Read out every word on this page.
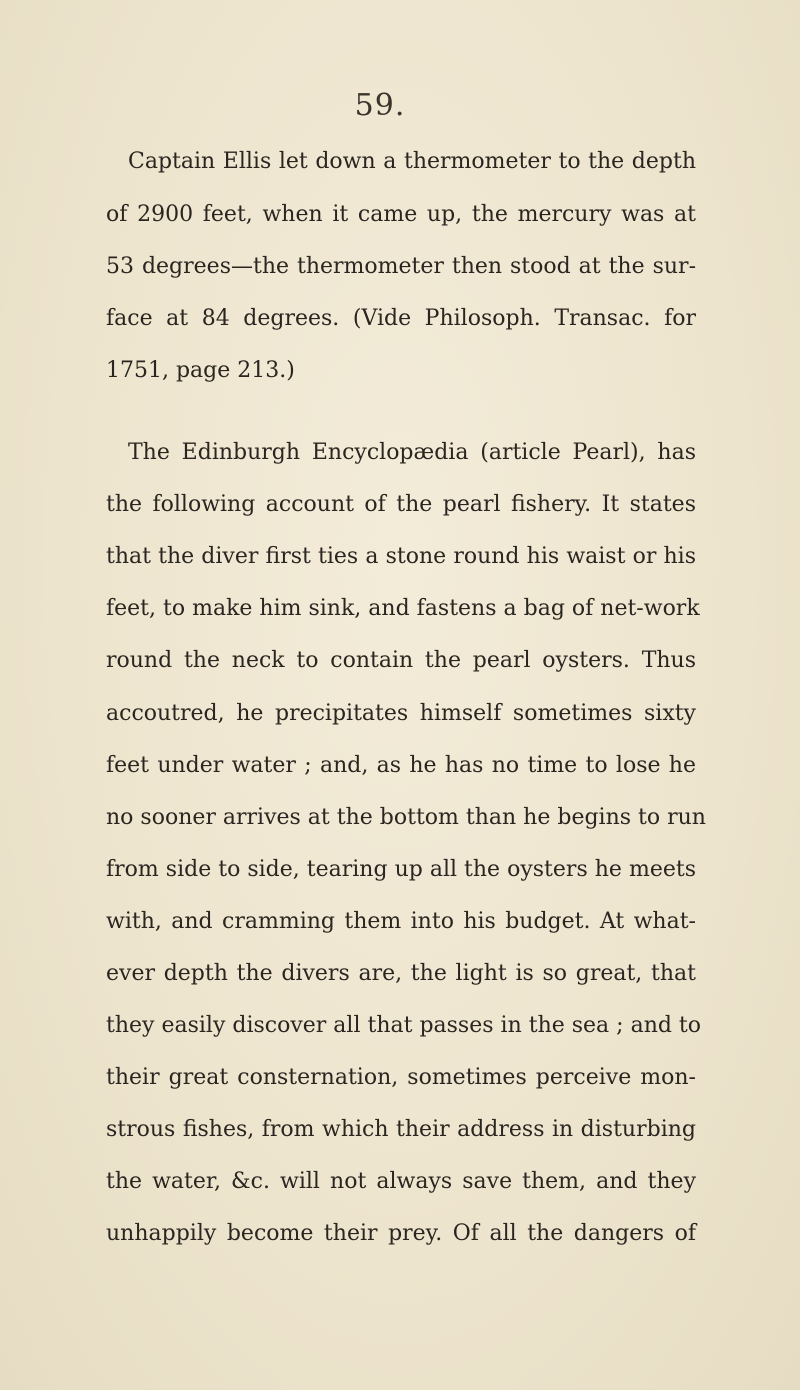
59.
Captain Ellis let down a thermometer to the depth
of 2900 feet, when it came up, the mercury was at
53 degrees—the thermometer then stood at the sur-
face at 84 degrees. (Vide Philosoph. Transac. for
1751, page 213.)
The Edinburgh Encyclopædia (article Pearl), has
the following account of the pearl fishery. It states
that the diver first ties a stone round his waist or his
feet, to make him sink, and fastens a bag of net-work
round the neck to contain the pearl oysters. Thus
accoutred, he precipitates himself sometimes sixty
feet under water ; and, as he has no time to lose he
no sooner arrives at the bottom than he begins to run
from side to side, tearing up all the oysters he meets
with, and cramming them into his budget. At what-
ever depth the divers are, the light is so great, that
they easily discover all that passes in the sea ; and to
their great consternation, sometimes perceive mon-
strous fishes, from which their address in disturbing
the water, &c. will not always save them, and they
unhappily become their prey. Of all the dangers of
